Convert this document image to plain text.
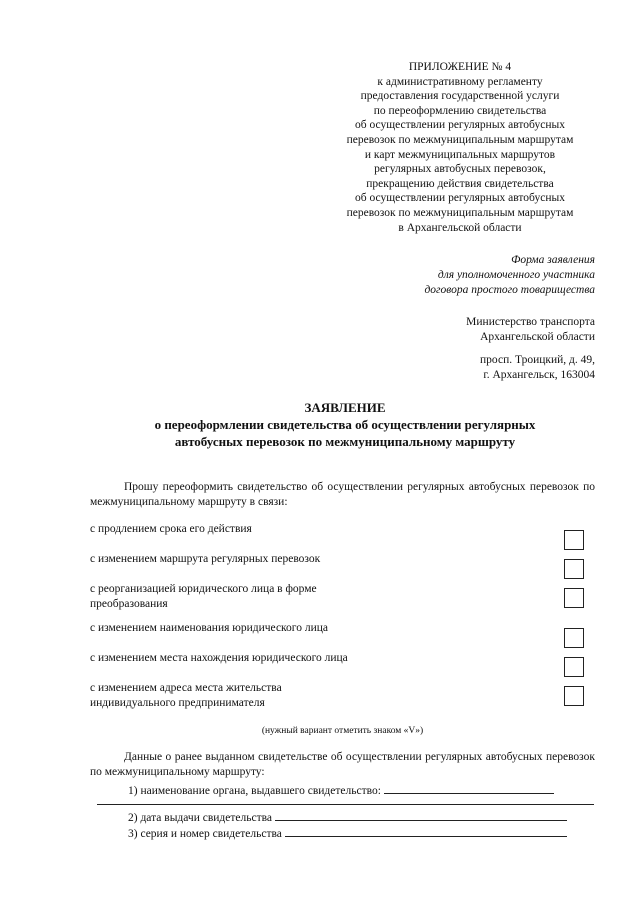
ПРИЛОЖЕНИЕ № 4
к административному регламенту
предоставления государственной услуги
по переоформлению свидетельства
об осуществлении регулярных автобусных
перевозок по межмуниципальным маршрутам
и карт межмуниципальных маршрутов
регулярных автобусных перевозок,
прекращению действия свидетельства
об осуществлении регулярных автобусных
перевозок по межмуниципальным маршрутам
в Архангельской области
Форма заявления
для уполномоченного участника
договора простого товарищества
Министерство транспорта
Архангельской области
просп. Троицкий, д. 49,
г. Архангельск, 163004
ЗАЯВЛЕНИЕ
о переоформлении свидетельства об осуществлении регулярных
автобусных перевозок по межмуниципальному маршруту
Прошу переоформить свидетельство об осуществлении регулярных автобусных перевозок по межмуниципальному маршруту в связи:
с продлением срока его действия
с изменением маршрута регулярных перевозок
с реорганизацией юридического лица в форме
преобразования
с изменением наименования юридического лица
с изменением места нахождения юридического лица
с изменением адреса места жительства
индивидуального предпринимателя
(нужный вариант отметить знаком «V»)
Данные о ранее выданном свидетельстве об осуществлении регулярных автобусных перевозок по межмуниципальному маршруту:
1) наименование органа, выдавшего свидетельство:
2) дата выдачи свидетельства
3) серия и номер свидетельства
